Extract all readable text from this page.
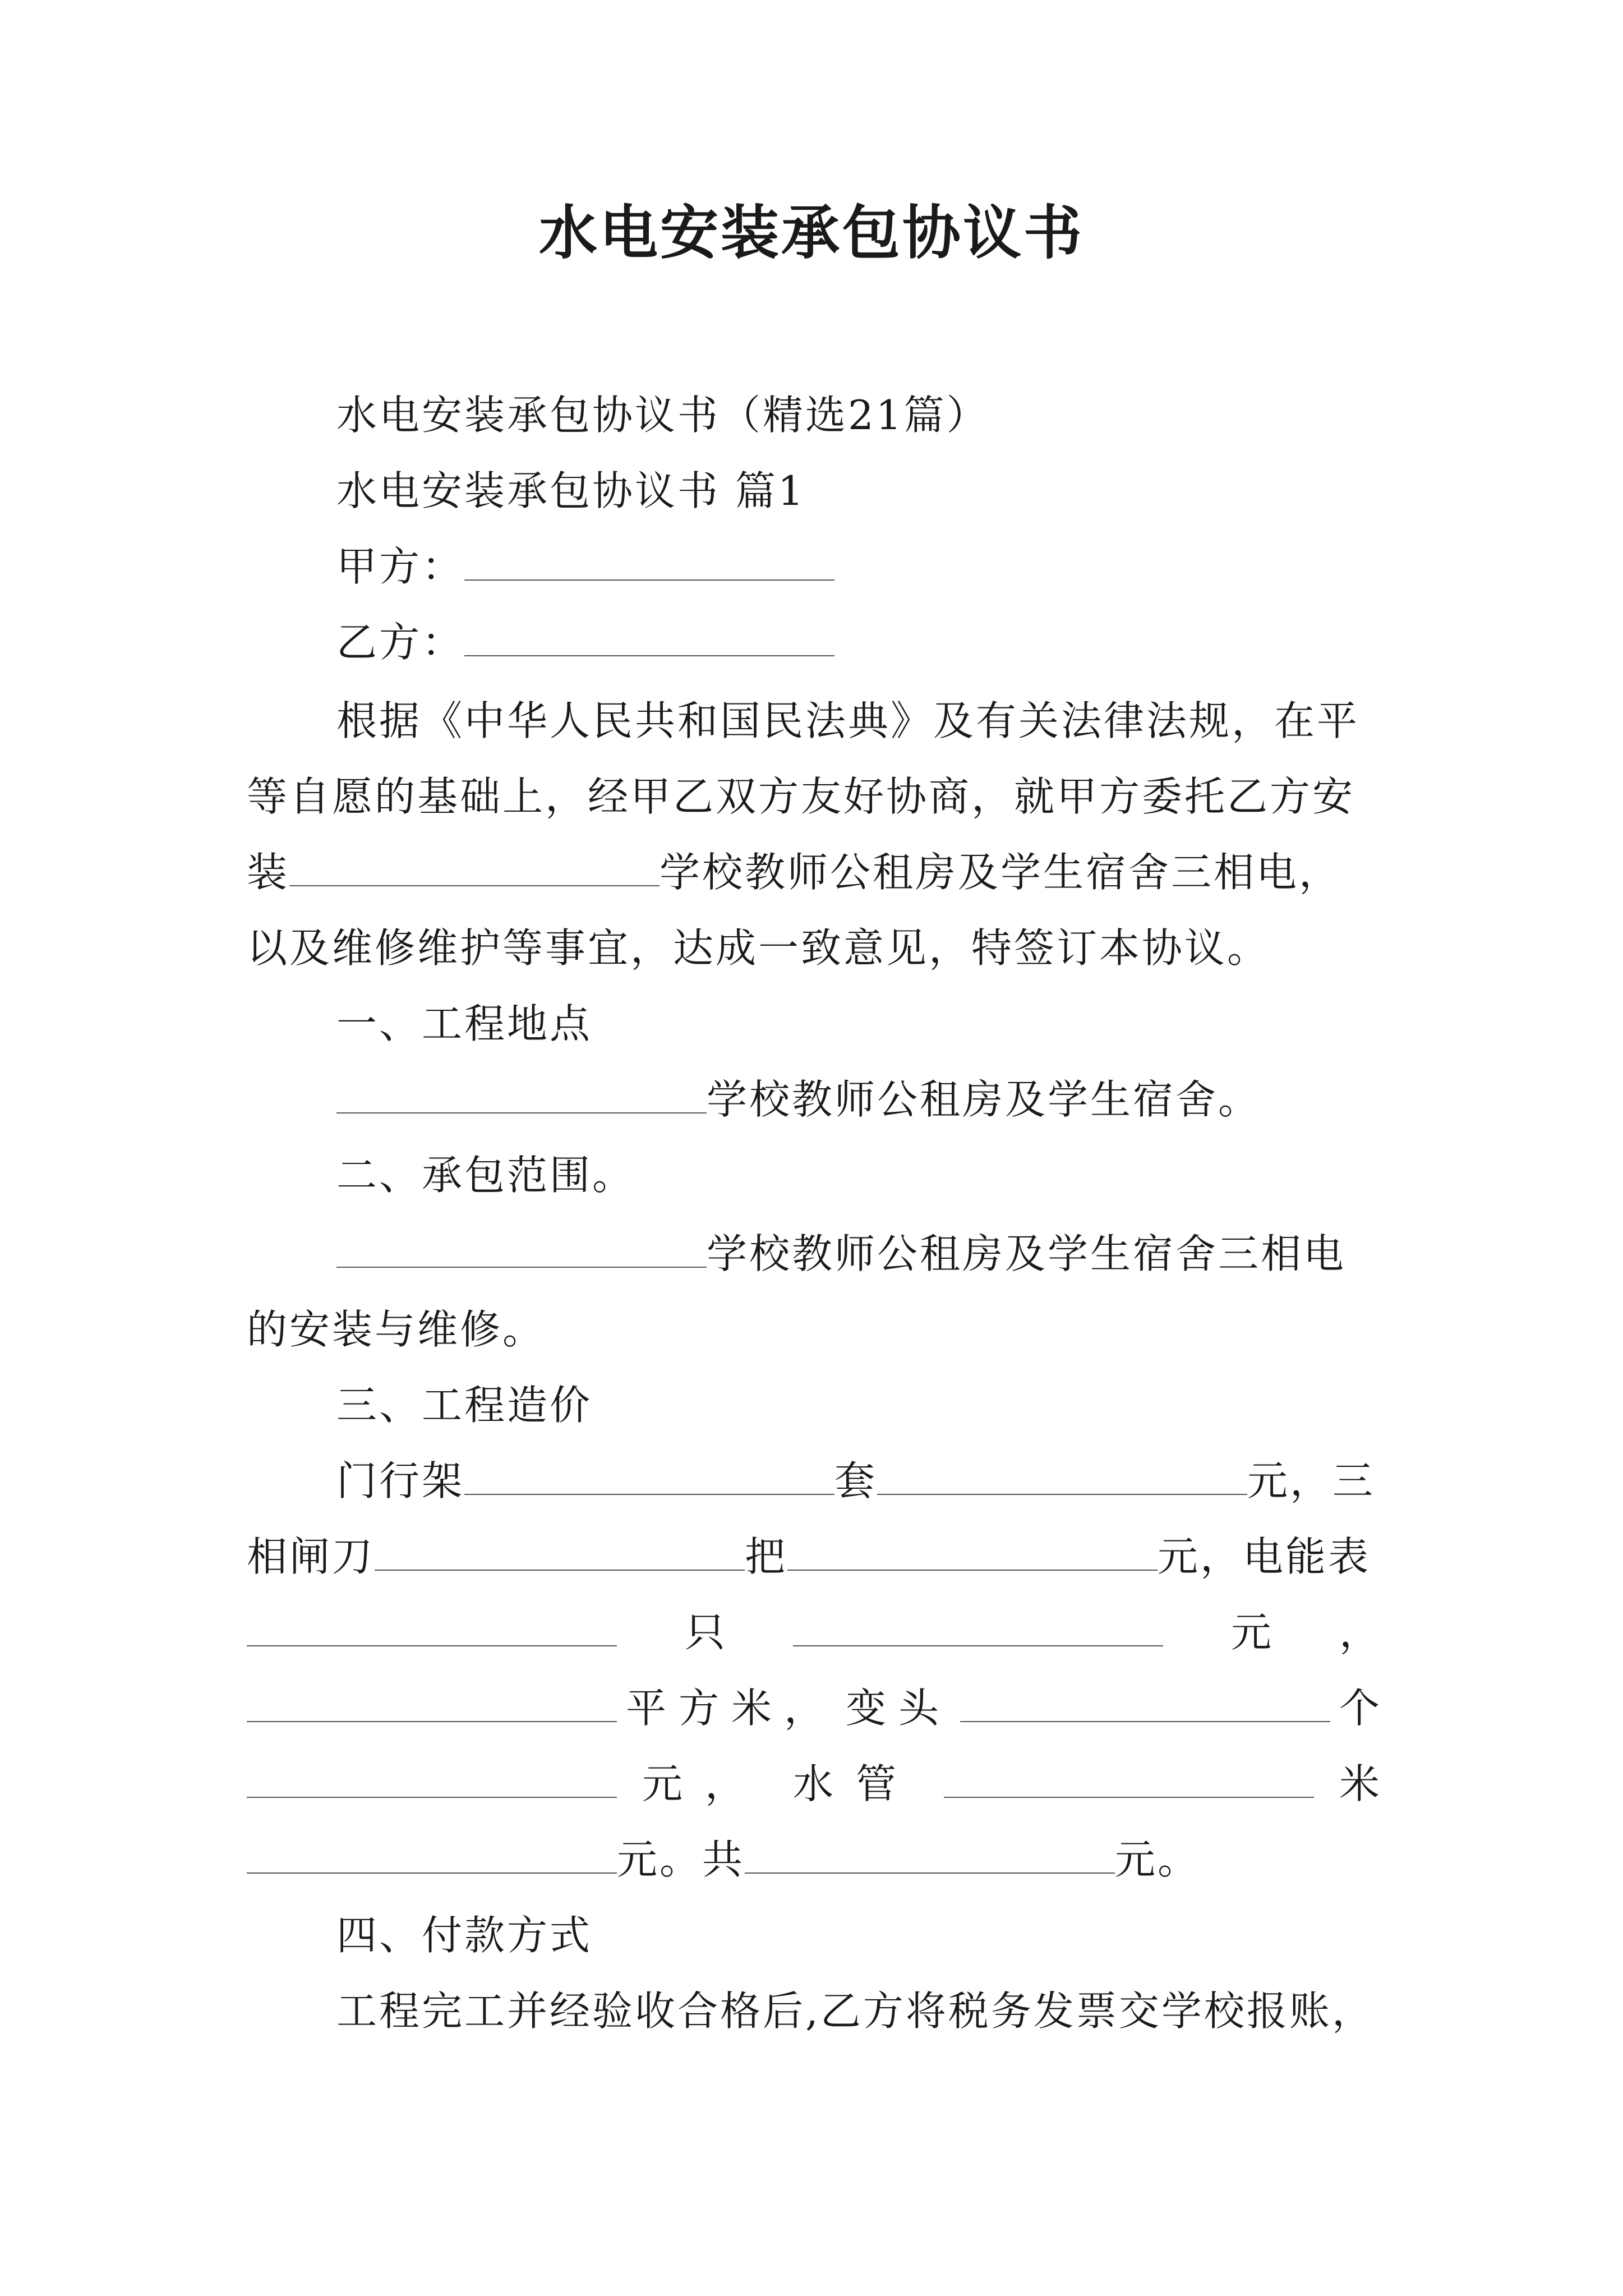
水电安装承包协议书
水电安装承包协议书（精选21篇）
水电安装承包协议书 篇1
甲方：
乙方：
根据《中华人民共和国民法典》及有关法律法规，在平
等自愿的基础上，经甲乙双方友好协商，就甲方委托乙方安
装	学校教师公租房及学生宿舍三相电，
以及维修维护等事宜，达成一致意见，特签订本协议。
一、工程地点
学校教师公租房及学生宿舍。
二、承包范围。
学校教师公租房及学生宿舍三相电
的安装与维修。
三、工程造价
门行架	套	元，三
相闸刀	把	元，电能表
只	元 ，
平方米， 变头	个
元， 水管	米
元。共	元。
四、付款方式
工程完工并经验收合格后,乙方将税务发票交学校报账，
